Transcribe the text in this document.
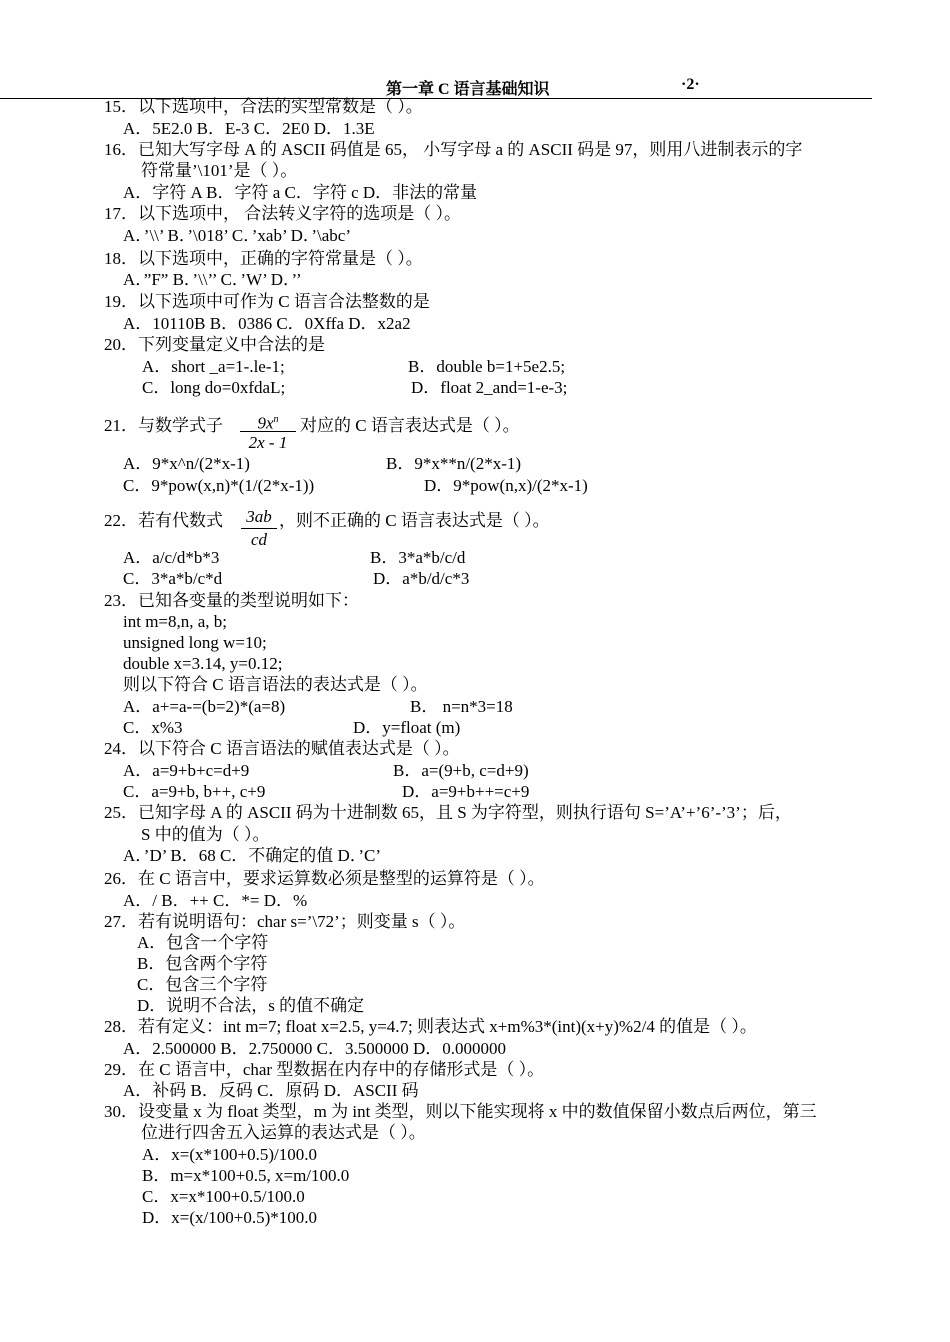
第一章 C 语言基础知识	·2·
15．以下选项中，合法的实型常数是（ ）。
A．5E2.0 B．E-3 C．2E0 D．1.3E
16．已知大写字母 A 的 ASCII 码值是 65， 小写字母 a 的 ASCII 码是 97，则用八进制表示的字
符常量’\101’是（ ）。
A．字符 A B．字符 a C．字符 c D．非法的常量
17．以下选项中， 合法转义字符的选项是（ ）。
A．’\\’ B．’\018’ C．’xab’ D．’\abc’
18．以下选项中，正确的字符常量是（ ）。
A．”F” B．’\\’’ C．’W’ D．’’
19．以下选项中可作为 C 语言合法整数的是
A．10110B B．0386 C．0Xffa D．x2a2
20．下列变量定义中合法的是
A．short _a=1-.le-1;	B．double b=1+5e2.5;
C．long do=0xfdaL;	D．float 2_and=1-e-3;
21．与数学式子	对应的 C 语言表达式是（ ）。
A．9*x^n/(2*x-1)	B．9*x**n/(2*x-1)
C．9*pow(x,n)*(1/(2*x-1))	D．9*pow(n,x)/(2*x-1)
22．若有代数式	，则不正确的 C 语言表达式是（ ）。
A．a/c/d*b*3	B．3*a*b/c/d
C．3*a*b/c*d	D．a*b/d/c*3
23．已知各变量的类型说明如下：
int m=8,n, a, b;
unsigned long w=10;
double x=3.14, y=0.12;
则以下符合 C 语言语法的表达式是（ ）。
A．a+=a-=(b=2)*(a=8)	B． n=n*3=18
C．x%3	D．y=float (m)
24．以下符合 C 语言语法的赋值表达式是（ ）。
A．a=9+b+c=d+9	B．a=(9+b, c=d+9)
C．a=9+b, b++, c+9	D．a=9+b++=c+9
25．已知字母 A 的 ASCII 码为十进制数 65，且 S 为字符型，则执行语句 S=’A’+’6’-’3’；后，
S 中的值为（ ）。
A．’D’ B．68 C．不确定的值 D．’C’
26．在 C 语言中，要求运算数必须是整型的运算符是（ ）。
A．/ B．++ C．*= D．%
27．若有说明语句：char s=’\72’；则变量 s（ ）。
A．包含一个字符
B．包含两个字符
C．包含三个字符
D．说明不合法，s 的值不确定
28．若有定义：int m=7; float x=2.5, y=4.7; 则表达式 x+m%3*(int)(x+y)%2/4 的值是（ ）。
A．2.500000 B．2.750000 C．3.500000 D．0.000000
29．在 C 语言中，char 型数据在内存中的存储形式是（ ）。
A．补码 B．反码 C．原码 D．ASCII 码
30．设变量 x 为 float 类型，m 为 int 类型，则以下能实现将 x 中的数值保留小数点后两位，第三
位进行四舍五入运算的表达式是（ ）。
A．x=(x*100+0.5)/100.0
B．m=x*100+0.5, x=m/100.0
C．x=x*100+0.5/100.0
D．x=(x/100+0.5)*100.0
$9x^n$
2x - 1
3ab
cd
